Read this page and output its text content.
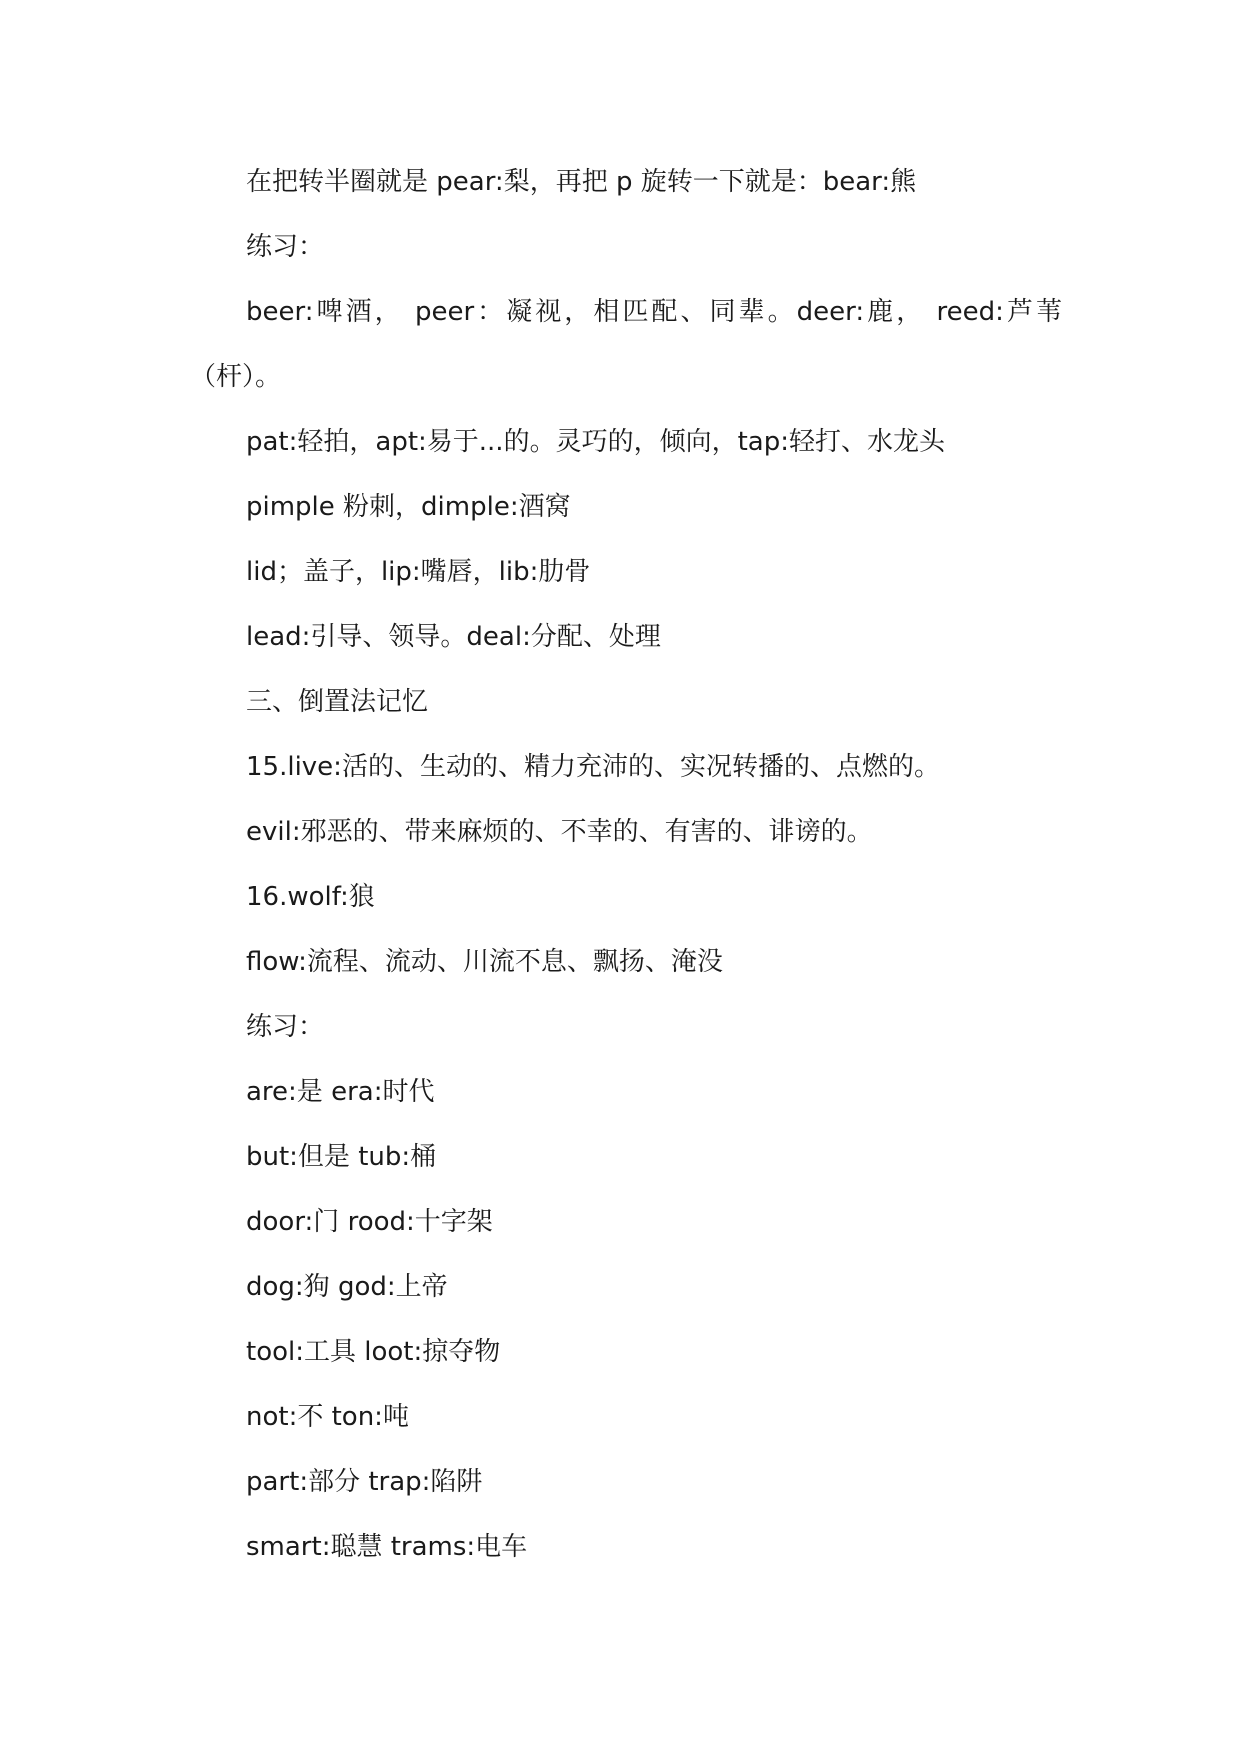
在把转半圈就是 pear:梨，再把 p 旋转一下就是：bear:熊

练习：

beer:啤酒， peer：凝视，相匹配、同辈。deer:鹿， reed:芦苇

（杆）。

pat:轻拍，apt:易于...的。灵巧的，倾向，tap:轻打、水龙头

pimple 粉刺，dimple:酒窝

lid；盖子，lip:嘴唇，lib:肋骨

lead:引导、领导。deal:分配、处理

三、倒置法记忆

15.live:活的、生动的、精力充沛的、实况转播的、点燃的。

evil:邪恶的、带来麻烦的、不幸的、有害的、诽谤的。

16.wolf:狼

flow:流程、流动、川流不息、飘扬、淹没

练习：

are:是 era:时代

but:但是 tub:桶

door:门 rood:十字架

dog:狗 god:上帝

tool:工具 loot:掠夺物

not:不 ton:吨

part:部分 trap:陷阱

smart:聪慧 trams:电车
